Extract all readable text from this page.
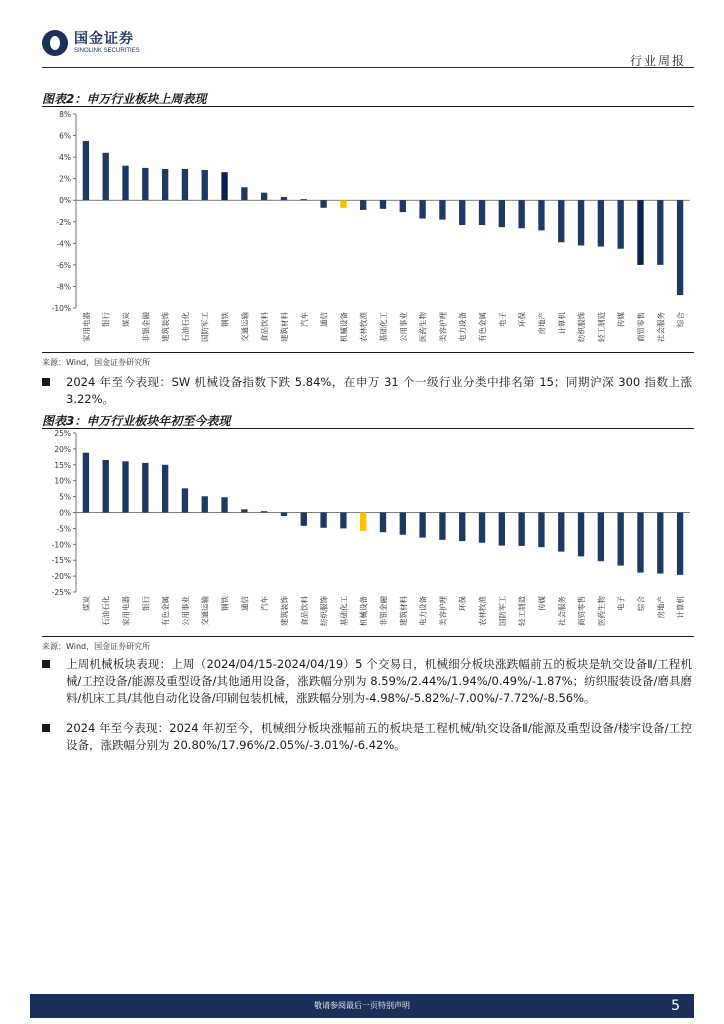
国金证券
SINOLINK SECURITIES
行业周报
图表2：申万行业板块上周表现
-10%
-8%
-6%
-4%
-2%
0%
2%
4%
6%
8%
家用电器 银行 煤炭 非银金融 建筑装饰 石油石化 国防军工 钢铁 交通运输 食品饮料 建筑材料 汽车 通信 机械设备 农林牧渔 基础化工 公用事业 医药生物 美容护理 电力设备 有色金属 电子 环保 房地产 计算机 纺织服饰 轻工制造 传媒 商贸零售 社会服务 综合
来源：Wind，国金证券研究所
2024 年至今表现：SW 机械设备指数下跌 5.84%，在申万 31 个一级行业分类中排名第 15；同期沪深 300 指数上涨 3.22%。
图表3：申万行业板块年初至今表现
-25%
-20%
-15%
-10%
-5%
0%
5%
10%
15%
20%
25%
煤炭 石油石化 家用电器 银行 有色金属 公用事业 交通运输 钢铁 通信 汽车 建筑装饰 食品饮料 纺织服饰 基础化工 机械设备 非银金融 建筑材料 电力设备 美容护理 环保 农林牧渔 国防军工 轻工制造 传媒 社会服务 商贸零售 医药生物 电子 综合 房地产 计算机
来源：Wind，国金证券研究所
上周机械板块表现：上周（2024/04/15-2024/04/19）5 个交易日，机械细分板块涨跌幅前五的板块是轨交设备Ⅱ/工程机械/工控设备/能源及重型设备/其他通用设备，涨跌幅分别为 8.59%/2.44%/1.94%/0.49%/-1.87%；纺织服装设备/磨具磨料/机床工具/其他自动化设备/印刷包装机械，涨跌幅分别为-4.98%/-5.82%/-7.00%/-7.72%/-8.56%。
2024 年至今表现：2024 年初至今，机械细分板块涨幅前五的板块是工程机械/轨交设备Ⅱ/能源及重型设备/楼宇设备/工控设备，涨跌幅分别为 20.80%/17.96%/2.05%/-3.01%/-6.42%。
敬请参阅最后一页特别声明	5
